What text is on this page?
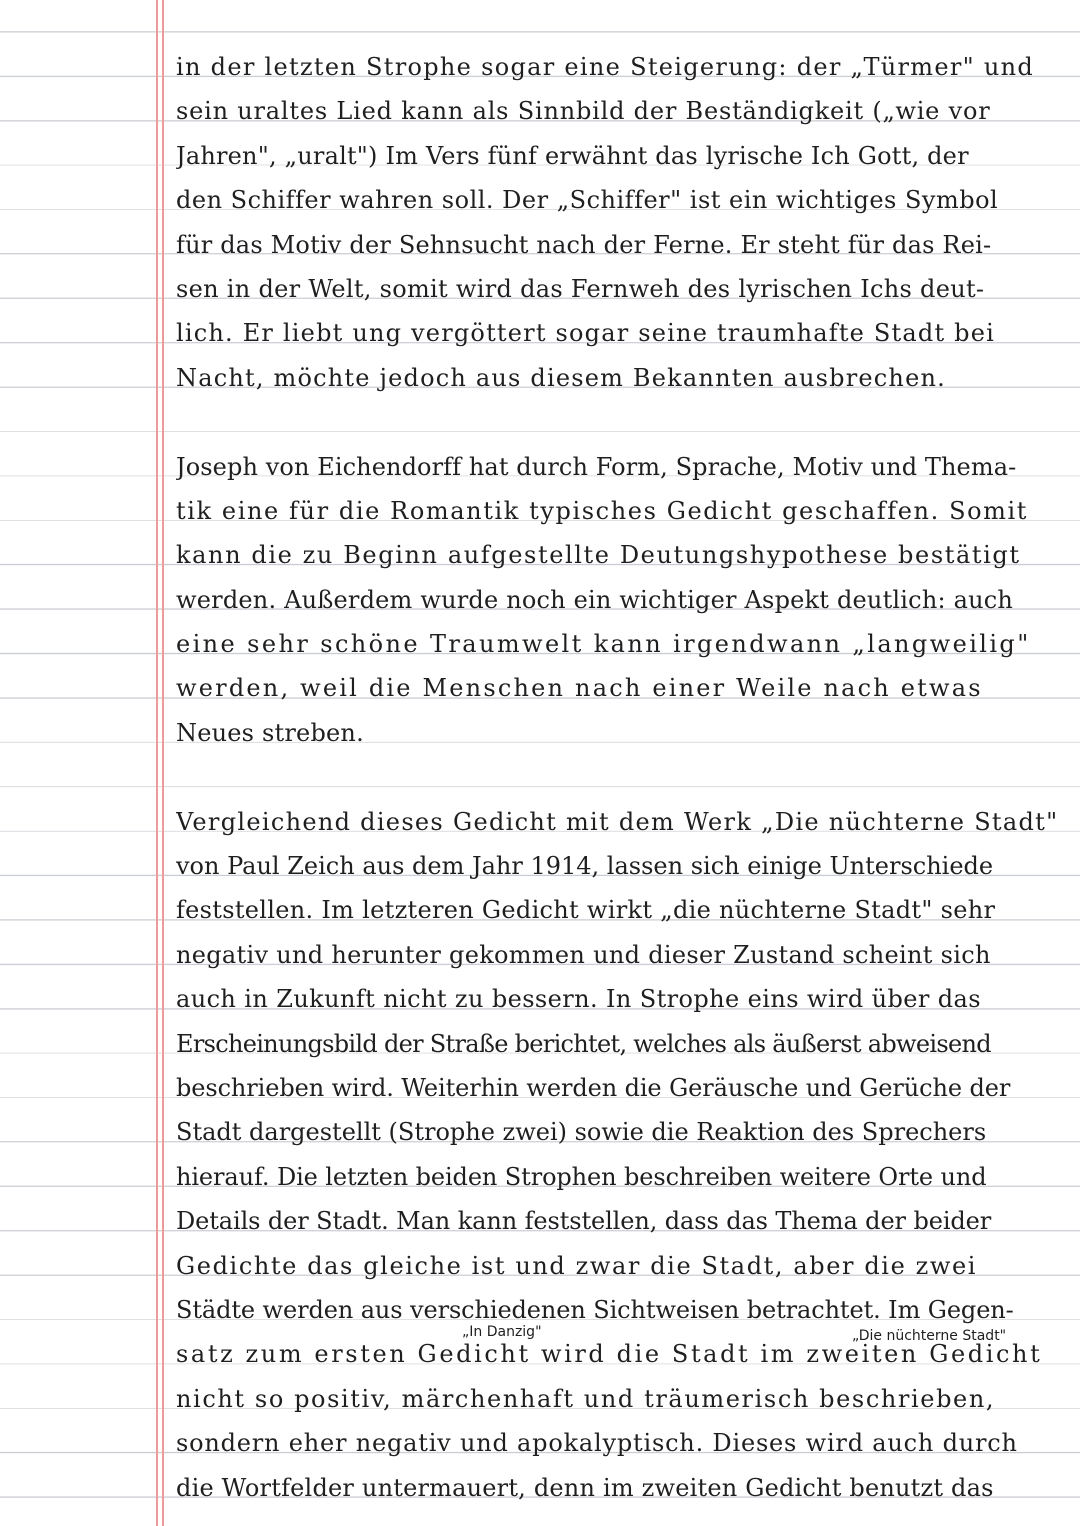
in der letzten Strophe sogar eine Steigerung: der „Türmer" und
sein uraltes Lied kann als Sinnbild der Beständigkeit („wie vor
Jahren", „uralt") Im Vers fünf erwähnt das lyrische Ich Gott, der
den Schiffer wahren soll. Der „Schiffer" ist ein wichtiges Symbol
für das Motiv der Sehnsucht nach der Ferne. Er steht für das Rei-
sen in der Welt, somit wird das Fernweh des lyrischen Ichs deut-
lich. Er liebt ung vergöttert sogar seine traumhafte Stadt bei
Nacht, möchte jedoch aus diesem Bekannten ausbrechen.
Joseph von Eichendorff hat durch Form, Sprache, Motiv und Thema-
tik eine für die Romantik typisches Gedicht geschaffen. Somit
kann die zu Beginn aufgestellte Deutungshypothese bestätigt
werden. Außerdem wurde noch ein wichtiger Aspekt deutlich: auch
eine sehr schöne Traumwelt kann irgendwann „langweilig"
werden, weil die Menschen nach einer Weile nach etwas
Neues streben.
Vergleichend dieses Gedicht mit dem Werk „Die nüchterne Stadt"
von Paul Zeich aus dem Jahr 1914, lassen sich einige Unterschiede
feststellen. Im letzteren Gedicht wirkt „die nüchterne Stadt" sehr
negativ und herunter gekommen und dieser Zustand scheint sich
auch in Zukunft nicht zu bessern. In Strophe eins wird über das
Erscheinungsbild der Straße berichtet, welches als äußerst abweisend
beschrieben wird. Weiterhin werden die Geräusche und Gerüche der
Stadt dargestellt (Strophe zwei) sowie die Reaktion des Sprechers
hierauf. Die letzten beiden Strophen beschreiben weitere Orte und
Details der Stadt. Man kann feststellen, dass das Thema der beider
Gedichte das gleiche ist und zwar die Stadt, aber die zwei
Städte werden aus verschiedenen Sichtweisen betrachtet. Im Gegen-
satz zum ersten Gedicht wird die Stadt im zweiten Gedicht
nicht so positiv, märchenhaft und träumerisch beschrieben,
sondern eher negativ und apokalyptisch. Dieses wird auch durch
die Wortfelder untermauert, denn im zweiten Gedicht benutzt das
„In Danzig"	„Die nüchterne Stadt"
